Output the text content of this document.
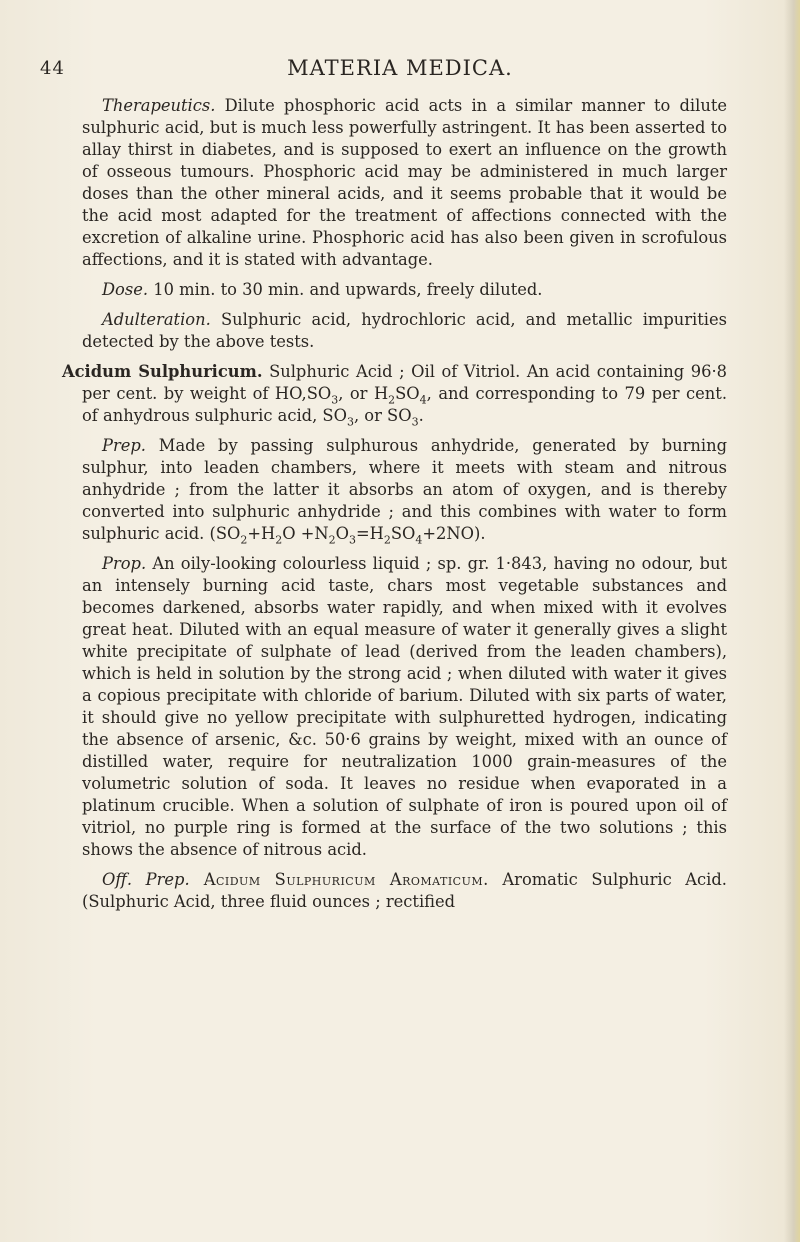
44	MATERIA MEDICA.

Therapeutics. Dilute phosphoric acid acts in a similar manner to dilute sulphuric acid, but is much less powerfully astringent. It has been asserted to allay thirst in diabetes, and is supposed to exert an influence on the growth of osseous tumours. Phosphoric acid may be administered in much larger doses than the other mineral acids, and it seems probable that it would be the acid most adapted for the treatment of affections connected with the excretion of alkaline urine. Phosphoric acid has also been given in scrofulous affections, and it is stated with advantage.

Dose. 10 min. to 30 min. and upwards, freely diluted.

Adulteration. Sulphuric acid, hydrochloric acid, and metallic impurities detected by the above tests.

Acidum Sulphuricum. Sulphuric Acid ; Oil of Vitriol. An acid containing 96·8 per cent. by weight of $HO,SO_3$, or $H_2SO_4$, and corresponding to 79 per cent. of anhydrous sulphuric acid, $SO_3$, or $SO_3$.

Prep. Made by passing sulphurous anhydride, generated by burning sulphur, into leaden chambers, where it meets with steam and nitrous anhydride ; from the latter it absorbs an atom of oxygen, and is thereby converted into sulphuric anhydride ; and this combines with water to form sulphuric acid. $(SO_2+H_2O +N_2O_3=H_2SO_4+2NO)$.

Prop. An oily-looking colourless liquid ; sp. gr. 1·843, having no odour, but an intensely burning acid taste, chars most vegetable substances and becomes darkened, absorbs water rapidly, and when mixed with it evolves great heat. Diluted with an equal measure of water it generally gives a slight white precipitate of sulphate of lead (derived from the leaden chambers), which is held in solution by the strong acid ; when diluted with water it gives a copious precipitate with chloride of barium. Diluted with six parts of water, it should give no yellow precipitate with sulphuretted hydrogen, indicating the absence of arsenic, &c. 50·6 grains by weight, mixed with an ounce of distilled water, require for neutralization 1000 grain-measures of the volumetric solution of soda. It leaves no residue when evaporated in a platinum crucible. When a solution of sulphate of iron is poured upon oil of vitriol, no purple ring is formed at the surface of the two solutions ; this shows the absence of nitrous acid.

Off. Prep. Acidum Sulphuricum Aromaticum. Aromatic Sulphuric Acid. (Sulphuric Acid, three fluid ounces ; rectified
